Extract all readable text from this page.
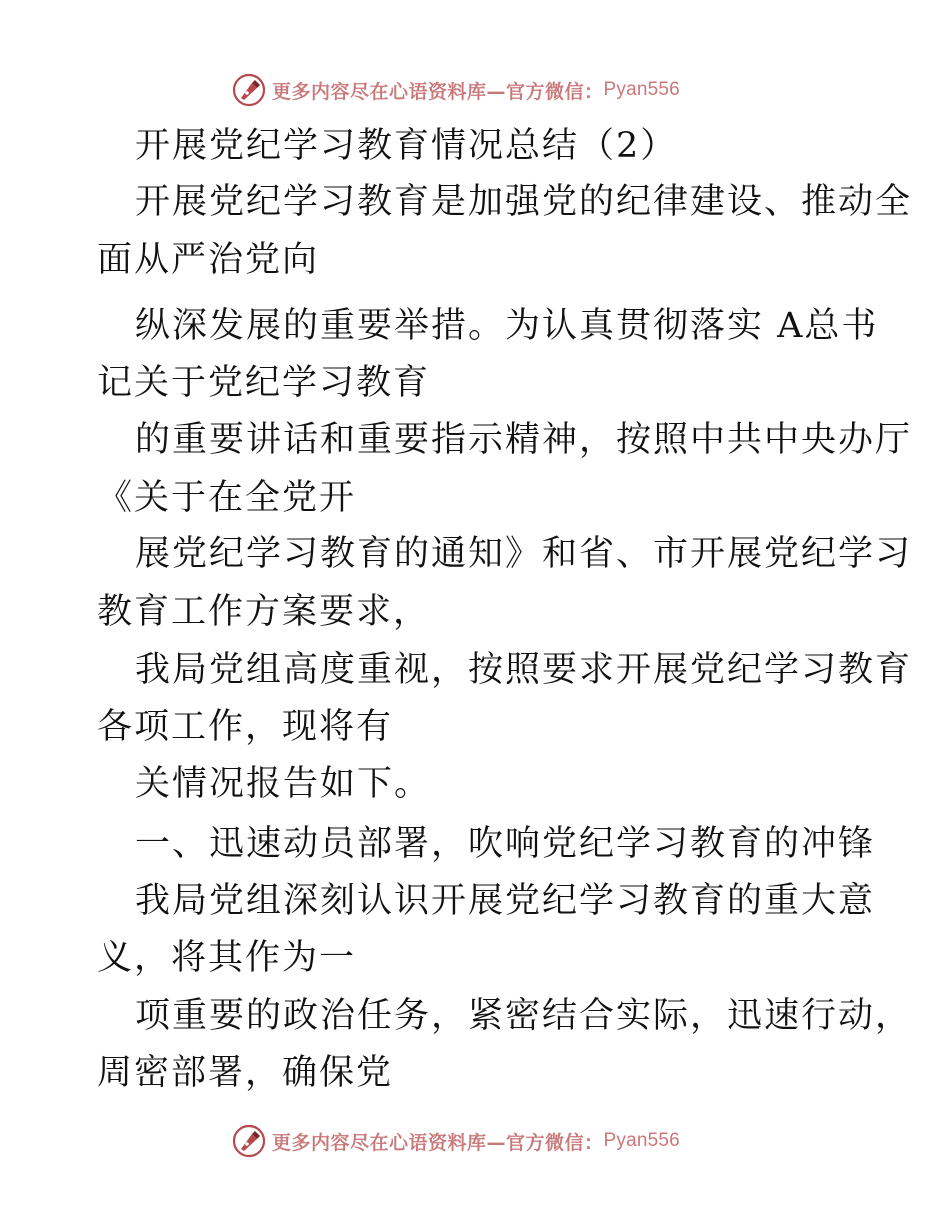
更多内容尽在心语资料库—官方微信： Pyan556
开展党纪学习教育情况总结（2）
开展党纪学习教育是加强党的纪律建设、推动全
面从严治党向
纵深发展的重要举措。为认真贯彻落实 A总书
记关于党纪学习教育
的重要讲话和重要指示精神，按照中共中央办厅
《关于在全党开
展党纪学习教育的通知》和省、市开展党纪学习
教育工作方案要求，
我局党组高度重视，按照要求开展党纪学习教育
各项工作，现将有
关情况报告如下。
一、迅速动员部署，吹响党纪学习教育的冲锋
我局党组深刻认识开展党纪学习教育的重大意
义，将其作为一
项重要的政治任务，紧密结合实际，迅速行动，
周密部署，确保党
更多内容尽在心语资料库—官方微信： Pyan556
